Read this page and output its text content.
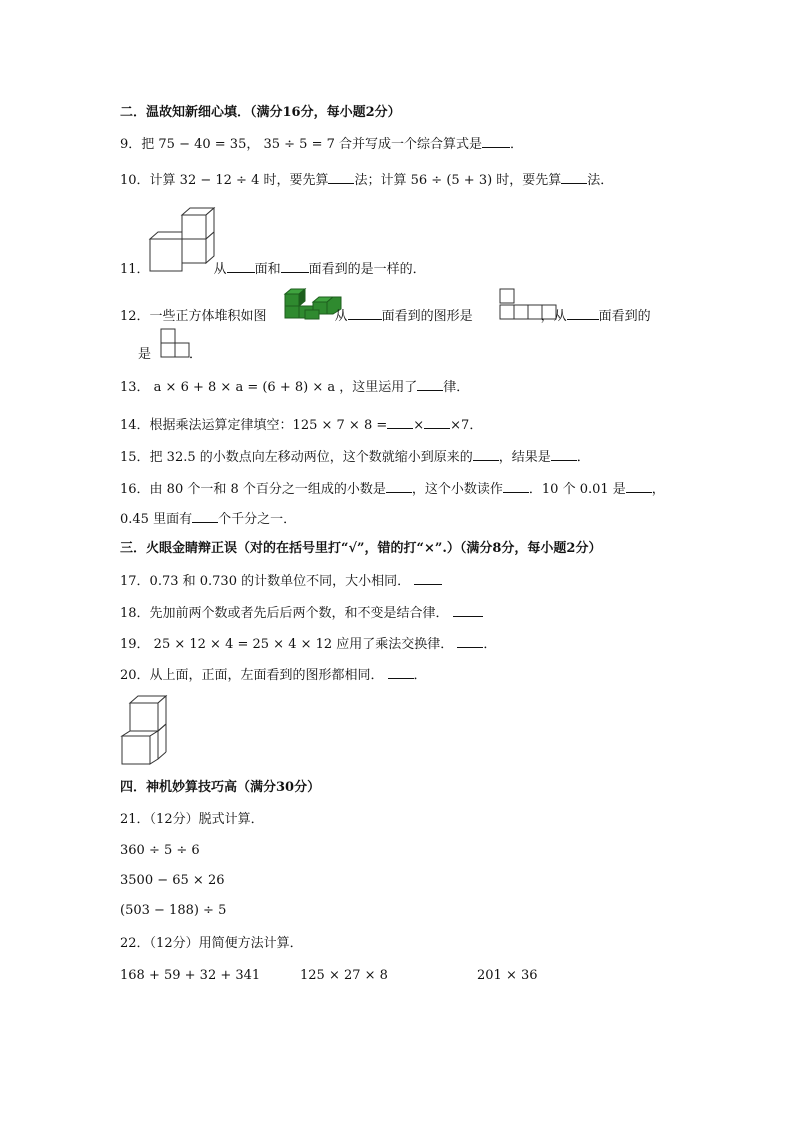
二．温故知新细心填．（满分16分，每小题2分）
9．把 75 − 40 = 35， 35 ÷ 5 = 7 合并写成一个综合算式是 ．
10．计算 32 − 12 ÷ 4 时，要先算 法；计算 56 ÷ (5 + 3) 时，要先算 法．
11．	从 面和 面看到的是一样的．
12．一些正方体堆积如图	从	面看到的图形是	，从 面看到的
是	．
13． a × 6 + 8 × a = (6 + 8) × a ，这里运用了 律．
14．根据乘法运算定律填空：125 × 7 × 8 = × ×7．
15．把 32.5 的小数点向左移动两位，这个数就缩小到原来的 ，结果是 ．
16．由 80 个一和 8 个百分之一组成的小数是 ，这个小数读作 ．10 个 0.01 是 ，
0.45 里面有 个千分之一．
三．火眼金睛辩正误（对的在括号里打“√”，错的打“×”.）（满分8分，每小题2分）
17．0.73 和 0.730 的计数单位不同，大小相同．
18．先加前两个数或者先后后两个数，和不变是结合律．
19． 25 × 12 × 4 = 25 × 4 × 12 应用了乘法交换律． ．
20．从上面，正面，左面看到的图形都相同． ．
四．神机妙算技巧高（满分30分）
21．（12分）脱式计算．
360 ÷ 5 ÷ 6
3500 − 65 × 26
(503 − 188) ÷ 5
22．（12分）用简便方法计算．
168 + 59 + 32 + 341	125 × 27 × 8	201 × 36
